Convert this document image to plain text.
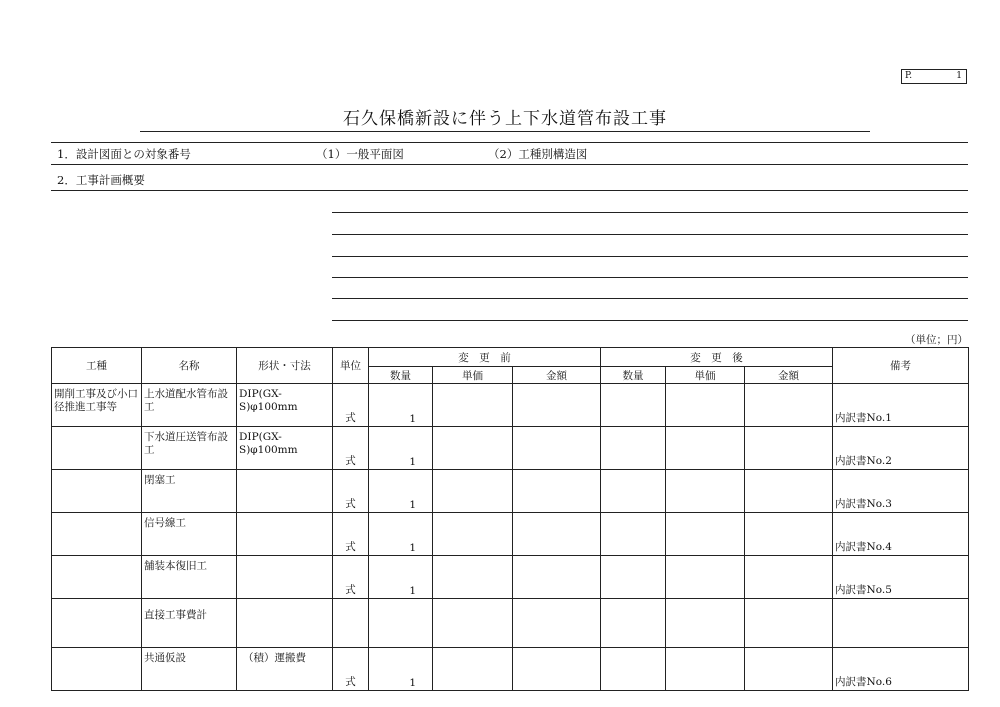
P.	1
石久保橋新設に伴う上下水道管布設工事
1．設計図面との対象番号	（1）一般平面図	（2）工種別構造図
2．工事計画概要
（単位；円）
工種	名称	形状・寸法	単位	変　更　前			変　更　後			備考
				数量	単価	金額	数量	単価	金額	
開削工事及び小口径推進工事等	上水道配水管布設工	DIP(GX-S)φ100mm	式	1						内訳書No.1
	下水道圧送管布設工	DIP(GX-S)φ100mm	式	1						内訳書No.2
	閉塞工		式	1						内訳書No.3
	信号線工		式	1						内訳書No.4
	舗装本復旧工		式	1						内訳書No.5
	直接工事費計									
	共通仮設	（積）運搬費	式	1						内訳書No.6
